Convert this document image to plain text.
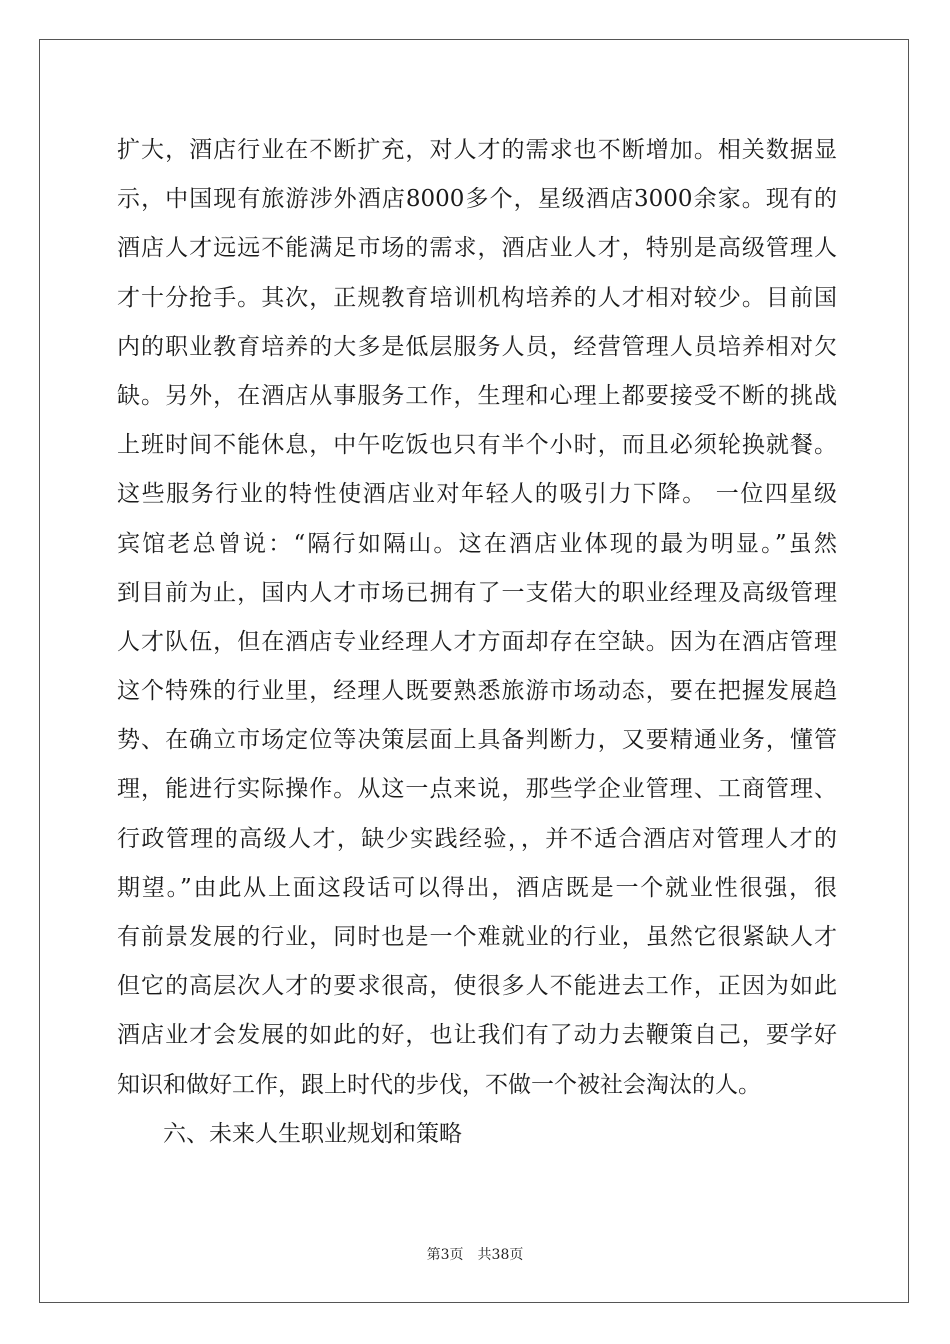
扩大，酒店行业在不断扩充，对人才的需求也不断增加。相关数据显
示，中国现有旅游涉外酒店8000多个，星级酒店3000余家。现有的
酒店人才远远不能满足市场的需求，酒店业人才，特别是高级管理人
才十分抢手。其次，正规教育培训机构培养的人才相对较少。目前国
内的职业教育培养的大多是低层服务人员，经营管理人员培养相对欠
缺。另外，在酒店从事服务工作，生理和心理上都要接受不断的挑战
上班时间不能休息，中午吃饭也只有半个小时，而且必须轮换就餐。
这些服务行业的特性使酒店业对年轻人的吸引力下降。 一位四星级
宾馆老总曾说：“隔行如隔山。这在酒店业体现的最为明显。”虽然
到目前为止，国内人才市场已拥有了一支偌大的职业经理及高级管理
人才队伍，但在酒店专业经理人才方面却存在空缺。因为在酒店管理
这个特殊的行业里，经理人既要熟悉旅游市场动态，要在把握发展趋
势、在确立市场定位等决策层面上具备判断力，又要精通业务，懂管
理，能进行实际操作。从这一点来说，那些学企业管理、工商管理、
行政管理的高级人才，缺少实践经验，，并不适合酒店对管理人才的
期望。”由此从上面这段话可以得出，酒店既是一个就业性很强，很
有前景发展的行业，同时也是一个难就业的行业，虽然它很紧缺人才
但它的高层次人才的要求很高，使很多人不能进去工作，正因为如此
酒店业才会发展的如此的好，也让我们有了动力去鞭策自己，要学好
知识和做好工作，跟上时代的步伐，不做一个被社会淘汰的人。
六、未来人生职业规划和策略
第3页　共38页
